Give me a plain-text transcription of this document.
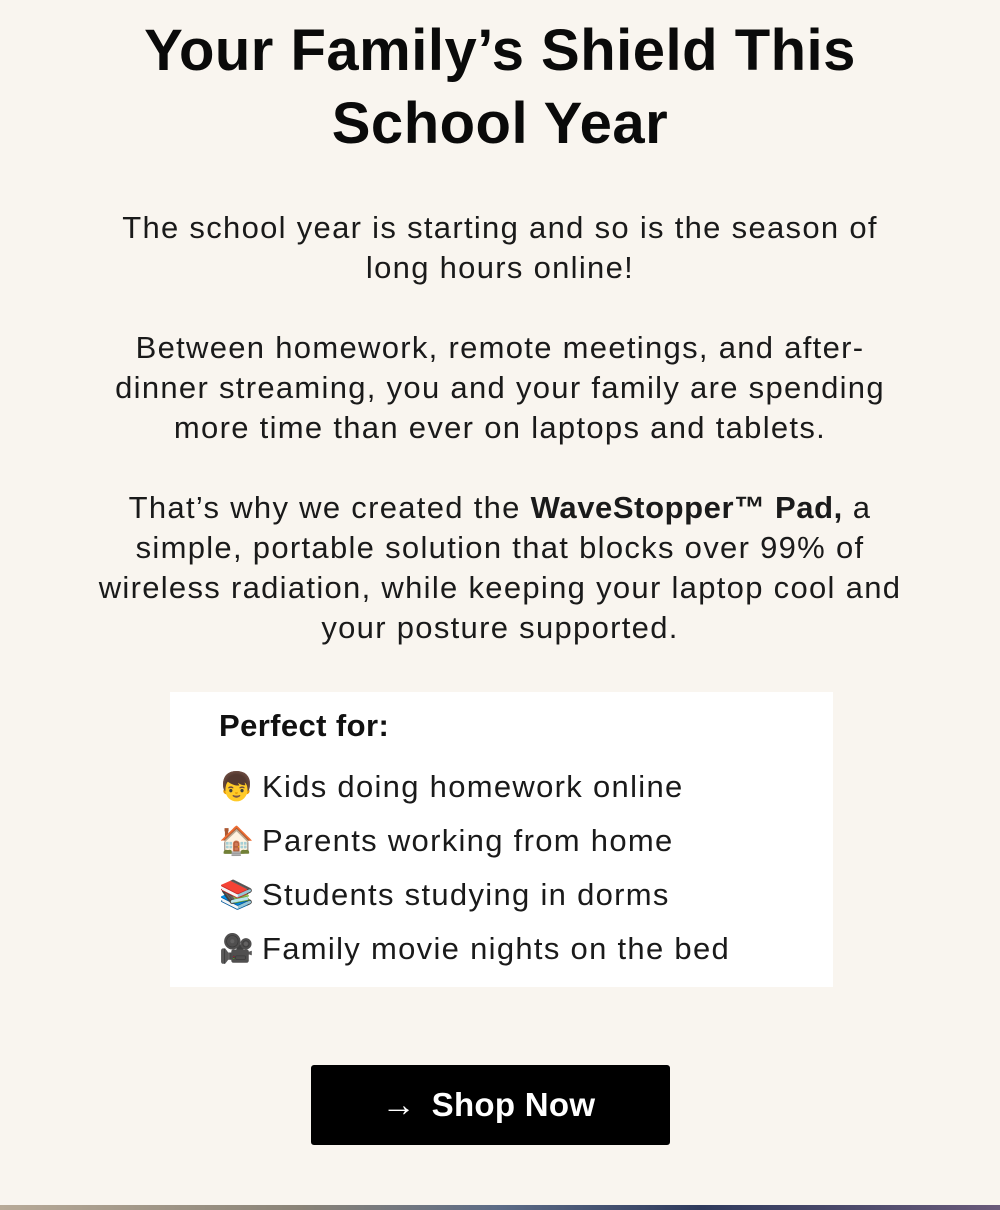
Your Family’s Shield This School Year

The school year is starting and so is the season of long hours online!

Between homework, remote meetings, and after-dinner streaming, you and your family are spending more time than ever on laptops and tablets.

That’s why we created the WaveStopper™ Pad, a simple, portable solution that blocks over 99% of wireless radiation, while keeping your laptop cool and your posture supported.

Perfect for:
👦 Kids doing homework online
🏠 Parents working from home
📚 Students studying in dorms
🎥 Family movie nights on the bed
→ Shop Now
